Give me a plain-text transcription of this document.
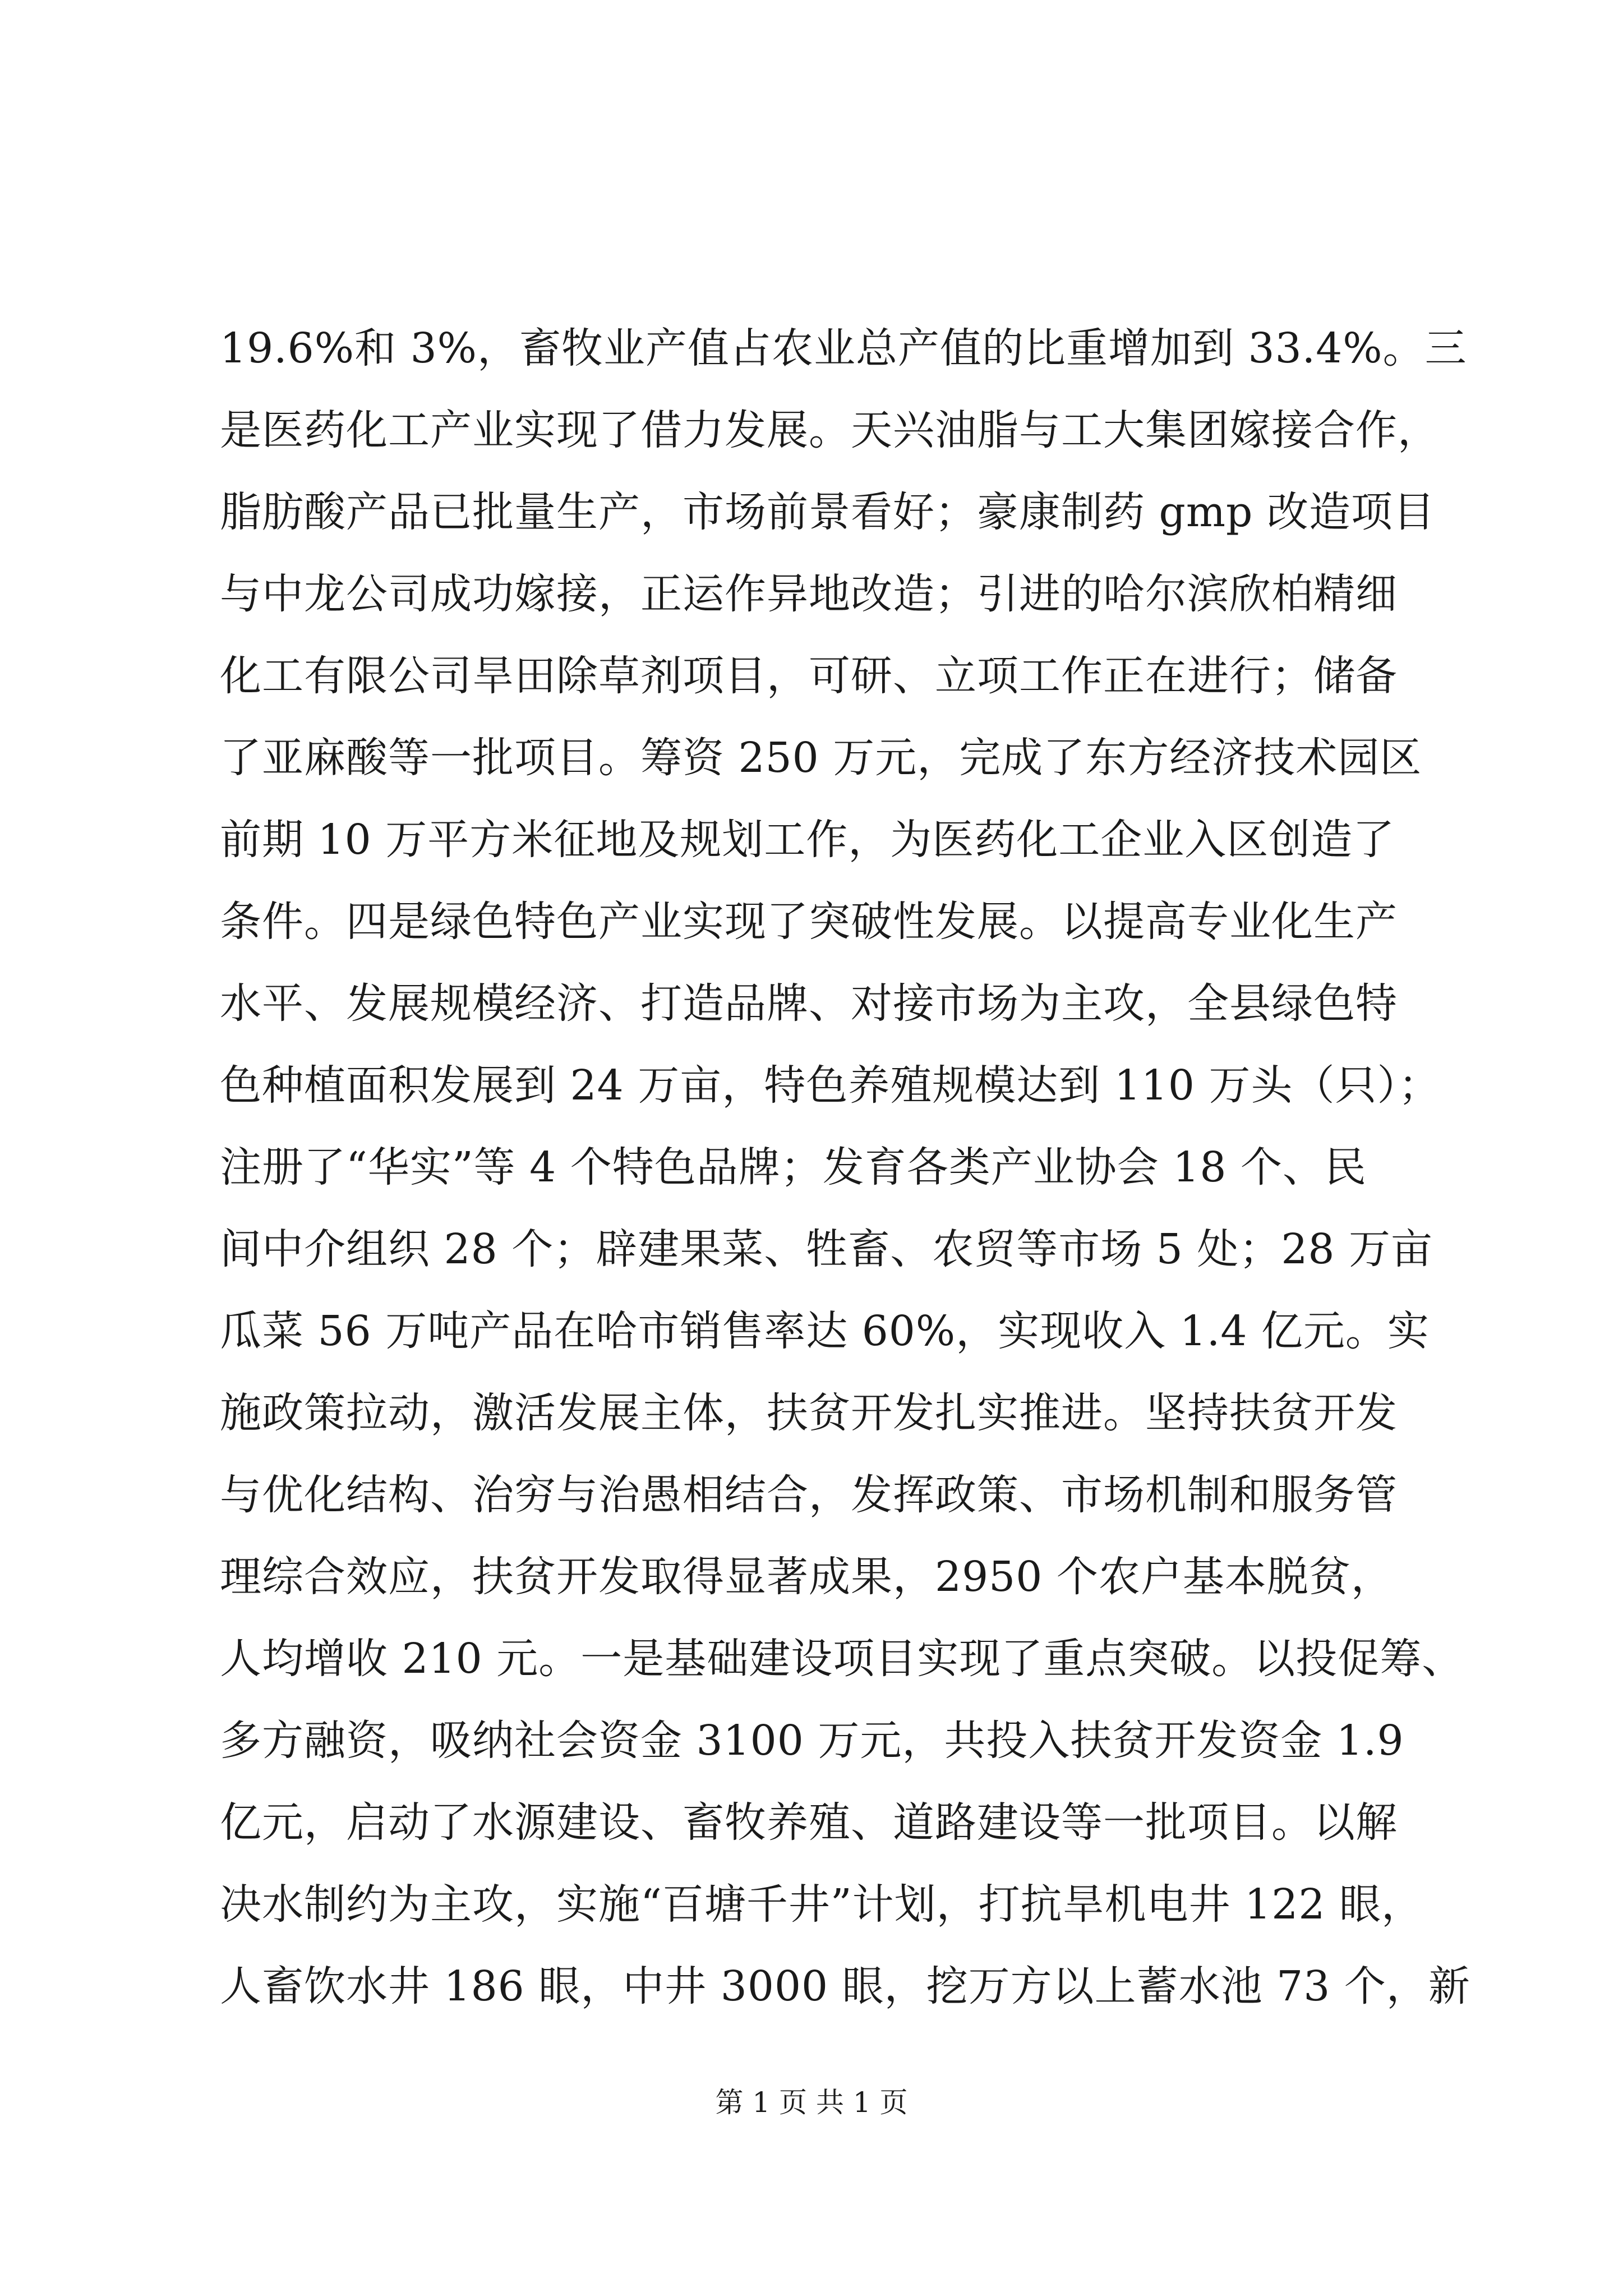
19.6%和 3%，畜牧业产值占农业总产值的比重增加到 33.4%。三
是医药化工产业实现了借力发展。天兴油脂与工大集团嫁接合作，
脂肪酸产品已批量生产，市场前景看好；豪康制药 gmp 改造项目
与中龙公司成功嫁接，正运作异地改造；引进的哈尔滨欣柏精细
化工有限公司旱田除草剂项目，可研、立项工作正在进行；储备
了亚麻酸等一批项目。筹资 250 万元，完成了东方经济技术园区
前期 10 万平方米征地及规划工作，为医药化工企业入区创造了
条件。四是绿色特色产业实现了突破性发展。以提高专业化生产
水平、发展规模经济、打造品牌、对接市场为主攻，全县绿色特
色种植面积发展到 24 万亩，特色养殖规模达到 110 万头（只）；
注册了“华实”等 4 个特色品牌；发育各类产业协会 18 个、民
间中介组织 28 个；辟建果菜、牲畜、农贸等市场 5 处；28 万亩
瓜菜 56 万吨产品在哈市销售率达 60%，实现收入 1.4 亿元。实
施政策拉动，激活发展主体，扶贫开发扎实推进。坚持扶贫开发
与优化结构、治穷与治愚相结合，发挥政策、市场机制和服务管
理综合效应，扶贫开发取得显著成果，2950 个农户基本脱贫，
人均增收 210 元。一是基础建设项目实现了重点突破。以投促筹、
多方融资，吸纳社会资金 3100 万元，共投入扶贫开发资金 1.9
亿元，启动了水源建设、畜牧养殖、道路建设等一批项目。以解
决水制约为主攻，实施“百塘千井”计划，打抗旱机电井 122 眼，
人畜饮水井 186 眼，中井 3000 眼，挖万方以上蓄水池 73 个，新
第 1 页 共 1 页
